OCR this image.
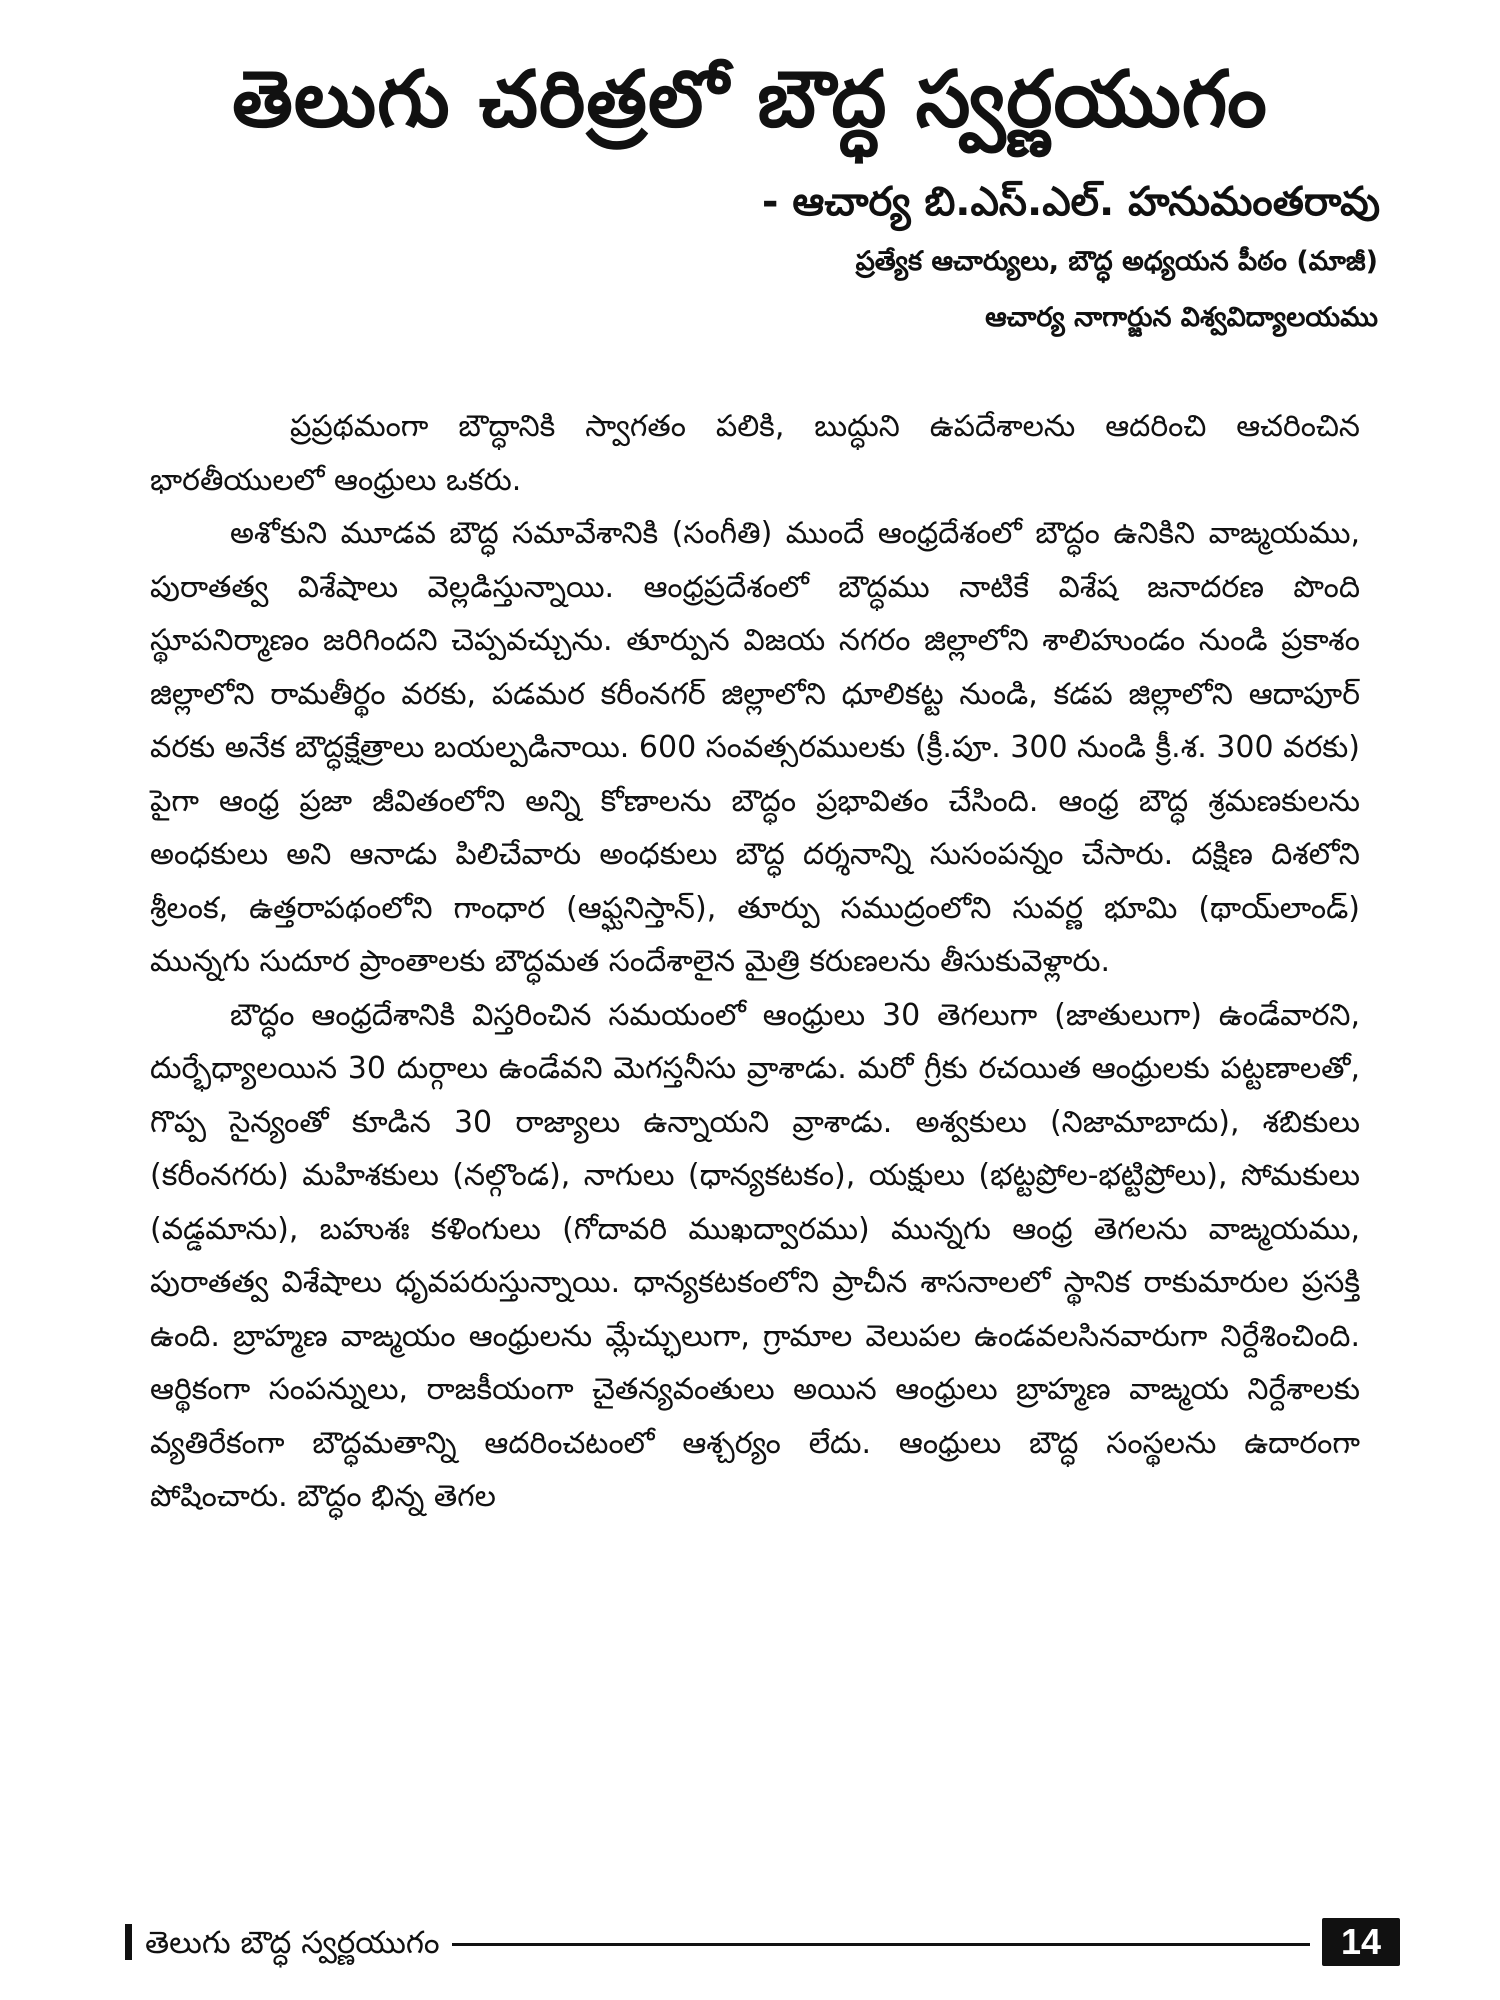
తెలుగు చరిత్రలో బౌద్ధ స్వర్ణయుగం
- ఆచార్య బి.ఎస్.ఎల్. హనుమంతరావు
ప్రత్యేక ఆచార్యులు, బౌద్ధ అధ్యయన పీఠం (మాజీ)
ఆచార్య నాగార్జున విశ్వవిద్యాలయము

ప్రప్రథమంగా బౌద్ధానికి స్వాగతం పలికి, బుద్ధుని ఉపదేశాలను ఆదరించి ఆచరించిన భారతీయులలో ఆంధ్రులు ఒకరు.

అశోకుని మూడవ బౌద్ధ సమావేశానికి (సంగీతి) ముందే ఆంధ్రదేశంలో బౌద్ధం ఉనికిని వాఙ్మయము, పురాతత్వ విశేషాలు వెల్లడిస్తున్నాయి. ఆంధ్రప్రదేశంలో బౌద్ధము నాటికే విశేష జనాదరణ పొంది స్థూపనిర్మాణం జరిగిందని చెప్పవచ్చును. తూర్పున విజయ నగరం జిల్లాలోని శాలిహుండం నుండి ప్రకాశం జిల్లాలోని రామతీర్థం వరకు, పడమర కరీంనగర్ జిల్లాలోని ధూలికట్ట నుండి, కడప జిల్లాలోని ఆదాపూర్ వరకు అనేక బౌద్ధక్షేత్రాలు బయల్పడినాయి. 600 సంవత్సరములకు (క్రీ.పూ. 300 నుండి క్రీ.శ. 300 వరకు) పైగా ఆంధ్ర ప్రజా జీవితంలోని అన్ని కోణాలను బౌద్ధం ప్రభావితం చేసింది. ఆంధ్ర బౌద్ధ శ్రమణకులను అంధకులు అని ఆనాడు పిలిచేవారు అంధకులు బౌద్ధ దర్శనాన్ని సుసంపన్నం చేసారు. దక్షిణ దిశలోని శ్రీలంక, ఉత్తరాపథంలోని గాంధార (ఆఫ్ఘనిస్తాన్), తూర్పు సముద్రంలోని సువర్ణ భూమి (థాయ్‌లాండ్) మున్నగు సుదూర ప్రాంతాలకు బౌద్ధమత సందేశాలైన మైత్రి కరుణలను తీసుకువెళ్లారు.

బౌద్ధం ఆంధ్రదేశానికి విస్తరించిన సమయంలో ఆంధ్రులు 30 తెగలుగా (జాతులుగా) ఉండేవారని, దుర్భేధ్యాలయిన 30 దుర్గాలు ఉండేవని మెగస్తనీసు వ్రాశాడు. మరో గ్రీకు రచయిత ఆంధ్రులకు పట్టణాలతో, గొప్ప సైన్యంతో కూడిన 30 రాజ్యాలు ఉన్నాయని వ్రాశాడు. అశ్వకులు (నిజామాబాదు), శబికులు (కరీంనగరు) మహిశకులు (నల్గొండ), నాగులు (ధాన్యకటకం), యక్షులు (భట్టప్రోల-భట్టిప్రోలు), సోమకులు (వడ్డమాను), బహుశః కళింగులు (గోదావరి ముఖద్వారము) మున్నగు ఆంధ్ర తెగలను వాఙ్మయము, పురాతత్వ విశేషాలు ధృవపరుస్తున్నాయి. ధాన్యకటకంలోని ప్రాచీన శాసనాలలో స్థానిక రాకుమారుల ప్రసక్తి ఉంది. బ్రాహ్మణ వాఙ్మయం ఆంధ్రులను మ్లేచ్ఛులుగా, గ్రామాల వెలుపల ఉండవలసినవారుగా నిర్దేశించింది. ఆర్థికంగా సంపన్నులు, రాజకీయంగా చైతన్యవంతులు అయిన ఆంధ్రులు బ్రాహ్మణ వాఙ్మయ నిర్దేశాలకు వ్యతిరేకంగా బౌద్ధమతాన్ని ఆదరించటంలో ఆశ్చర్యం లేదు. ఆంధ్రులు బౌద్ధ సంస్థలను ఉదారంగా పోషించారు. బౌద్ధం భిన్న తెగల

తెలుగు బౌద్ధ స్వర్ణయుగం	14
